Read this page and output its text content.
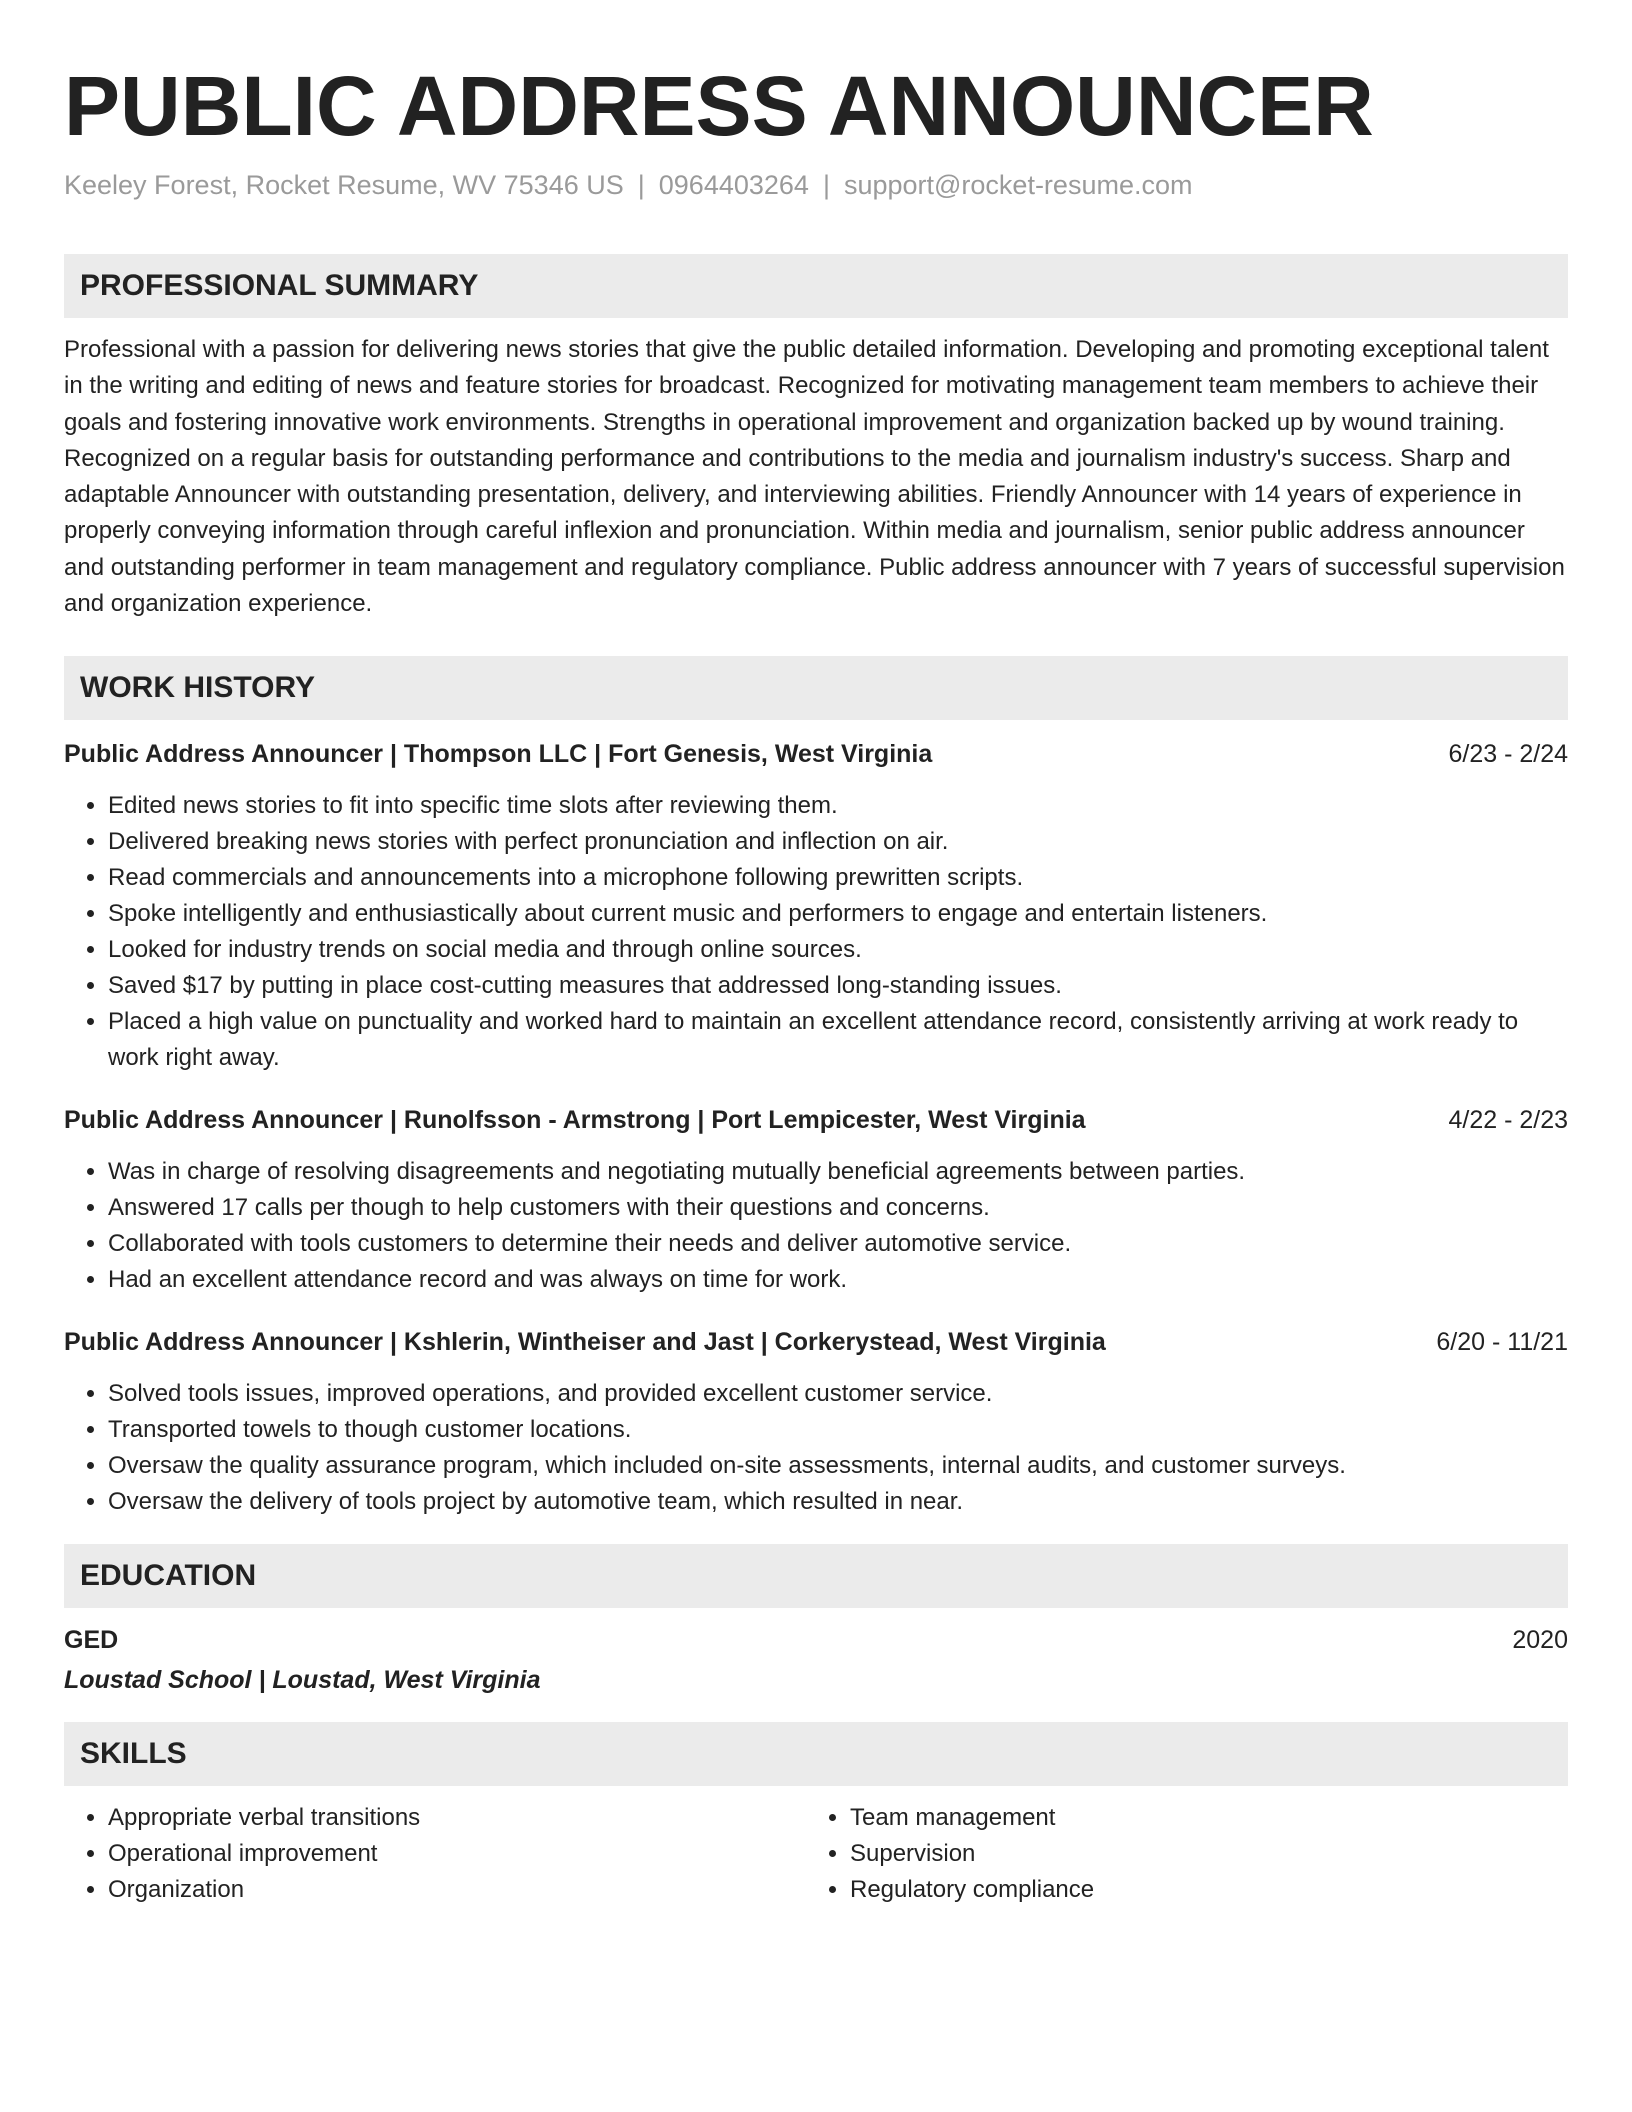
PUBLIC ADDRESS ANNOUNCER
Keeley Forest, Rocket Resume, WV 75346 US | 0964403264 | support@rocket-resume.com
PROFESSIONAL SUMMARY
Professional with a passion for delivering news stories that give the public detailed information. Developing and promoting exceptional talent in the writing and editing of news and feature stories for broadcast. Recognized for motivating management team members to achieve their goals and fostering innovative work environments. Strengths in operational improvement and organization backed up by wound training. Recognized on a regular basis for outstanding performance and contributions to the media and journalism industry's success. Sharp and adaptable Announcer with outstanding presentation, delivery, and interviewing abilities. Friendly Announcer with 14 years of experience in properly conveying information through careful inflexion and pronunciation. Within media and journalism, senior public address announcer and outstanding performer in team management and regulatory compliance. Public address announcer with 7 years of successful supervision and organization experience.
WORK HISTORY
Public Address Announcer | Thompson LLC | Fort Genesis, West Virginia	6/23 - 2/24
• Edited news stories to fit into specific time slots after reviewing them.
• Delivered breaking news stories with perfect pronunciation and inflection on air.
• Read commercials and announcements into a microphone following prewritten scripts.
• Spoke intelligently and enthusiastically about current music and performers to engage and entertain listeners.
• Looked for industry trends on social media and through online sources.
• Saved $17 by putting in place cost-cutting measures that addressed long-standing issues.
• Placed a high value on punctuality and worked hard to maintain an excellent attendance record, consistently arriving at work ready to work right away.
Public Address Announcer | Runolfsson - Armstrong | Port Lempicester, West Virginia	4/22 - 2/23
• Was in charge of resolving disagreements and negotiating mutually beneficial agreements between parties.
• Answered 17 calls per though to help customers with their questions and concerns.
• Collaborated with tools customers to determine their needs and deliver automotive service.
• Had an excellent attendance record and was always on time for work.
Public Address Announcer | Kshlerin, Wintheiser and Jast | Corkerystead, West Virginia	6/20 - 11/21
• Solved tools issues, improved operations, and provided excellent customer service.
• Transported towels to though customer locations.
• Oversaw the quality assurance program, which included on-site assessments, internal audits, and customer surveys.
• Oversaw the delivery of tools project by automotive team, which resulted in near.
EDUCATION
GED	2020
Loustad School | Loustad, West Virginia
SKILLS
• Appropriate verbal transitions
• Operational improvement
• Organization
• Team management
• Supervision
• Regulatory compliance
